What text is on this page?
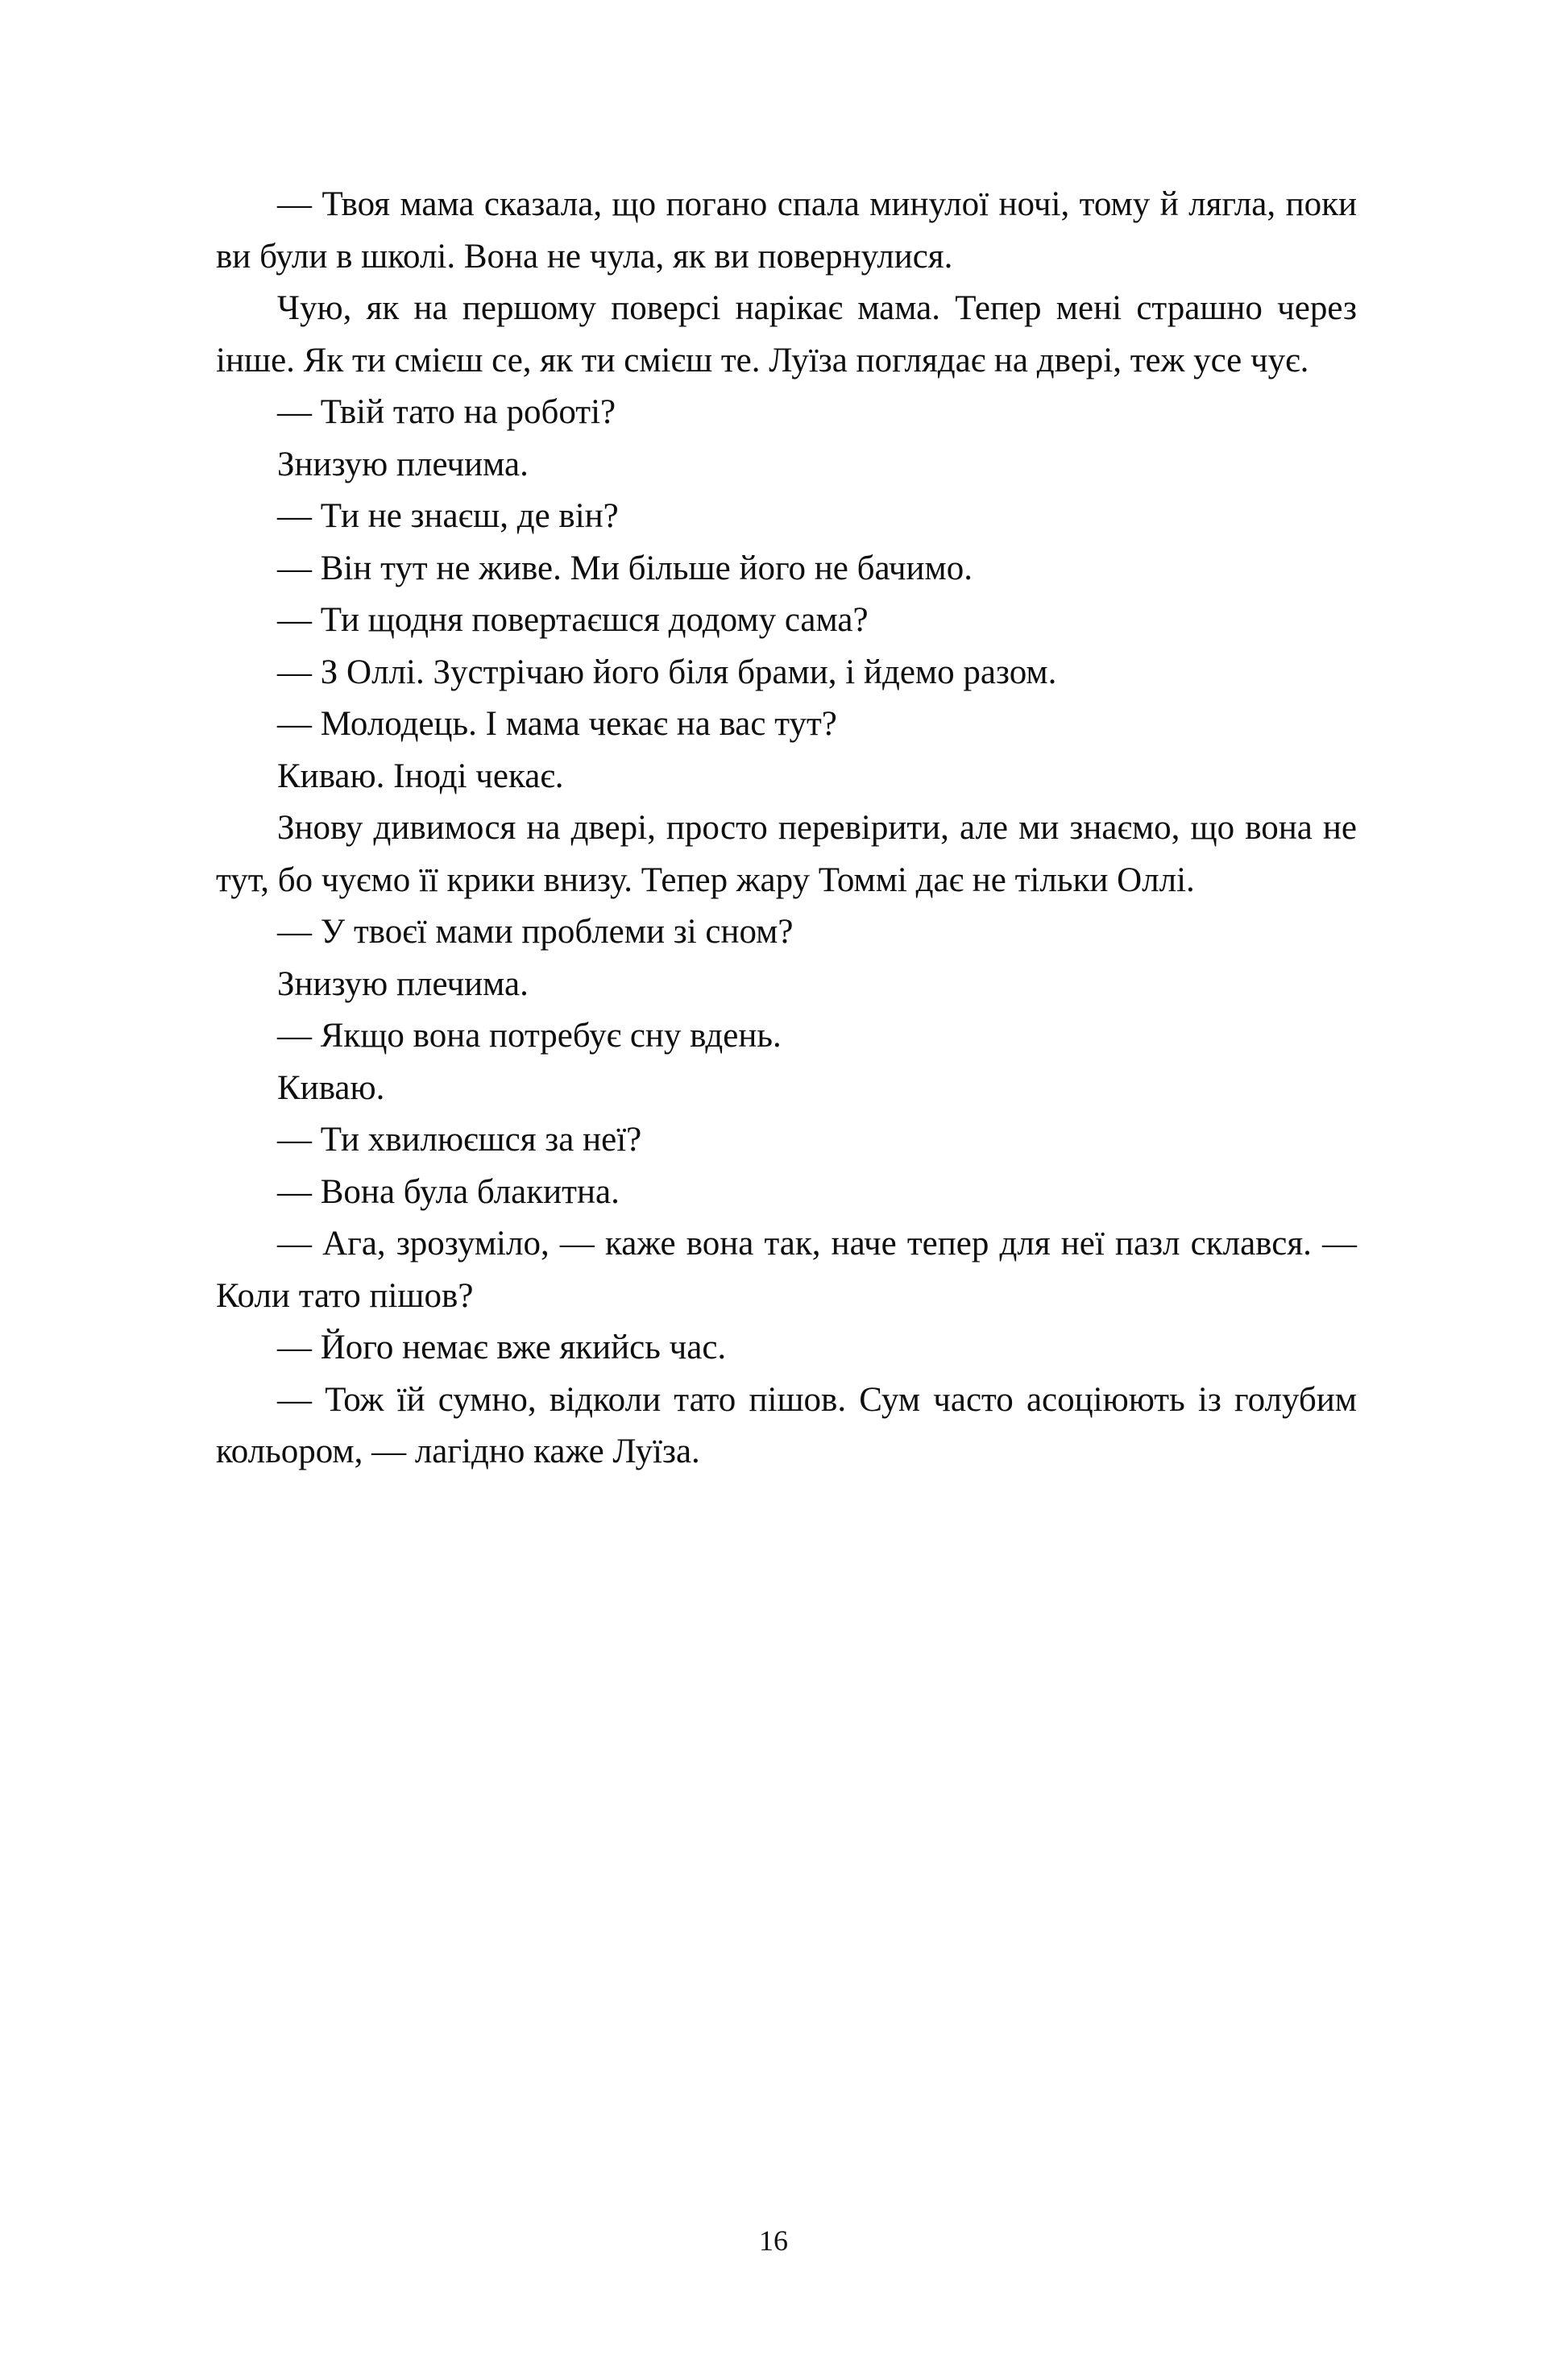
— Твоя мама сказала, що погано спала минулої ночі, тому й лягла, поки ви були в школі. Вона не чула, як ви повернулися.

Чую, як на першому поверсі нарікає мама. Тепер мені страшно через інше. Як ти смієш се, як ти смієш те. Луїза поглядає на двері, теж усе чує.

— Твій тато на роботі?

Знизую плечима.

— Ти не знаєш, де він?

— Він тут не живе. Ми більше його не бачимо.

— Ти щодня повертаєшся додому сама?

— З Оллі. Зустрічаю його біля брами, і йдемо разом.

— Молодець. І мама чекає на вас тут?

Киваю. Іноді чекає.

Знову дивимося на двері, просто перевірити, але ми знаємо, що вона не тут, бо чуємо її крики внизу. Тепер жару Томмі дає не тільки Оллі.

— У твоєї мами проблеми зі сном?

Знизую плечима.

— Якщо вона потребує сну вдень.

Киваю.

— Ти хвилюєшся за неї?

— Вона була блакитна.

— Ага, зрозуміло, — каже вона так, наче тепер для неї пазл склався. — Коли тато пішов?

— Його немає вже якийсь час.

— Тож їй сумно, відколи тато пішов. Сум часто асоціюють із голубим кольором, — лагідно каже Луїза.

16
